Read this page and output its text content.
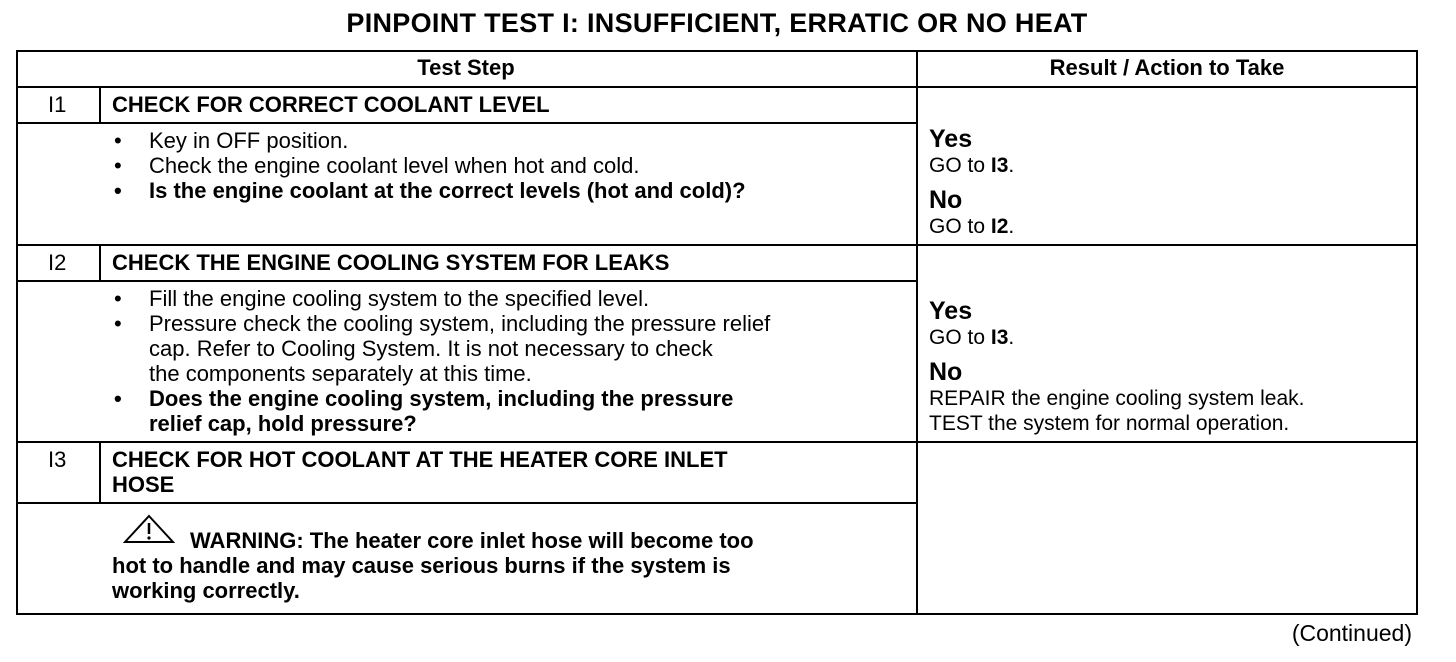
PINPOINT TEST I: INSUFFICIENT, ERRATIC OR NO HEAT
Test Step	Result / Action to Take
I1 CHECK FOR CORRECT COOLANT LEVEL
• Key in OFF position.
• Check the engine coolant level when hot and cold.
• Is the engine coolant at the correct levels (hot and cold)?
Yes
GO to I3.
No
GO to I2.
I2 CHECK THE ENGINE COOLING SYSTEM FOR LEAKS
• Fill the engine cooling system to the specified level.
• Pressure check the cooling system, including the pressure relief
cap. Refer to Cooling System. It is not necessary to check
the components separately at this time.
• Does the engine cooling system, including the pressure
relief cap, hold pressure?
Yes
GO to I3.
No
REPAIR the engine cooling system leak.
TEST the system for normal operation.
I3 CHECK FOR HOT COOLANT AT THE HEATER CORE INLET
HOSE
WARNING: The heater core inlet hose will become too
hot to handle and may cause serious burns if the system is
working correctly.
(Continued)
